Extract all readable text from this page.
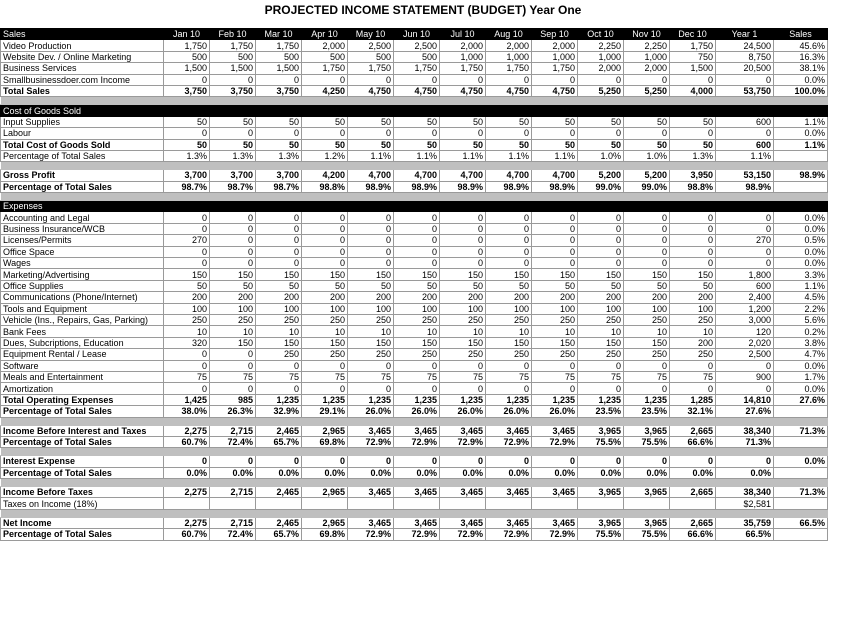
PROJECTED INCOME STATEMENT (BUDGET) Year One
Sales	Jan 10	Feb 10	Mar 10	Apr 10	May 10	Jun 10	Jul 10	Aug 10	Sep 10	Oct 10	Nov 10	Dec 10	Year 1	Sales
Video Production	1,750	1,750	1,750	2,000	2,500	2,500	2,000	2,000	2,000	2,250	2,250	1,750	24,500	45.6%
Website Dev. / Online Marketing	500	500	500	500	500	500	1,000	1,000	1,000	1,000	1,000	750	8,750	16.3%
Business Services	1,500	1,500	1,500	1,750	1,750	1,750	1,750	1,750	1,750	2,000	2,000	1,500	20,500	38.1%
Smallbusinessdoer.com Income	0	0	0	0	0	0	0	0	0	0	0	0	0	0.0%
Total Sales	3,750	3,750	3,750	4,250	4,750	4,750	4,750	4,750	4,750	5,250	5,250	4,000	53,750	100.0%

Cost of Goods Sold														
Input Supplies	50	50	50	50	50	50	50	50	50	50	50	50	600	1.1%
Labour	0	0	0	0	0	0	0	0	0	0	0	0	0	0.0%
Total Cost of Goods Sold	50	50	50	50	50	50	50	50	50	50	50	50	600	1.1%
Percentage of Total Sales	1.3%	1.3%	1.3%	1.2%	1.1%	1.1%	1.1%	1.1%	1.1%	1.0%	1.0%	1.3%	1.1%	

Gross Profit	3,700	3,700	3,700	4,200	4,700	4,700	4,700	4,700	4,700	5,200	5,200	3,950	53,150	98.9%
Percentage of Total Sales	98.7%	98.7%	98.7%	98.8%	98.9%	98.9%	98.9%	98.9%	98.9%	99.0%	99.0%	98.8%	98.9%	

Expenses														
Accounting and Legal	0	0	0	0	0	0	0	0	0	0	0	0	0	0.0%
Business Insurance/WCB	0	0	0	0	0	0	0	0	0	0	0	0	0	0.0%
Licenses/Permits	270	0	0	0	0	0	0	0	0	0	0	0	270	0.5%
Office Space	0	0	0	0	0	0	0	0	0	0	0	0	0	0.0%
Wages	0	0	0	0	0	0	0	0	0	0	0	0	0	0.0%
Marketing/Advertising	150	150	150	150	150	150	150	150	150	150	150	150	1,800	3.3%
Office Supplies	50	50	50	50	50	50	50	50	50	50	50	50	600	1.1%
Communications (Phone/Internet)	200	200	200	200	200	200	200	200	200	200	200	200	2,400	4.5%
Tools and Equipment	100	100	100	100	100	100	100	100	100	100	100	100	1,200	2.2%
Vehicle (Ins., Repairs, Gas, Parking)	250	250	250	250	250	250	250	250	250	250	250	250	3,000	5.6%
Bank Fees	10	10	10	10	10	10	10	10	10	10	10	10	120	0.2%
Dues, Subcriptions, Education	320	150	150	150	150	150	150	150	150	150	150	200	2,020	3.8%
Equipment Rental / Lease	0	0	250	250	250	250	250	250	250	250	250	250	2,500	4.7%
Software	0	0	0	0	0	0	0	0	0	0	0	0	0	0.0%
Meals and Entertainment	75	75	75	75	75	75	75	75	75	75	75	75	900	1.7%
Amortization	0	0	0	0	0	0	0	0	0	0	0	0	0	0.0%
Total Operating Expenses	1,425	985	1,235	1,235	1,235	1,235	1,235	1,235	1,235	1,235	1,235	1,285	14,810	27.6%
Percentage of Total Sales	38.0%	26.3%	32.9%	29.1%	26.0%	26.0%	26.0%	26.0%	26.0%	23.5%	23.5%	32.1%	27.6%	

Income Before Interest and Taxes	2,275	2,715	2,465	2,965	3,465	3,465	3,465	3,465	3,465	3,965	3,965	2,665	38,340	71.3%
Percentage of Total Sales	60.7%	72.4%	65.7%	69.8%	72.9%	72.9%	72.9%	72.9%	72.9%	75.5%	75.5%	66.6%	71.3%	

Interest Expense	0	0	0	0	0	0	0	0	0	0	0	0	0	0.0%
Percentage of Total Sales	0.0%	0.0%	0.0%	0.0%	0.0%	0.0%	0.0%	0.0%	0.0%	0.0%	0.0%	0.0%	0.0%	

Income Before Taxes	2,275	2,715	2,465	2,965	3,465	3,465	3,465	3,465	3,465	3,965	3,965	2,665	38,340	71.3%
Taxes on Income (18%)													$2,581	

Net Income	2,275	2,715	2,465	2,965	3,465	3,465	3,465	3,465	3,465	3,965	3,965	2,665	35,759	66.5%
Percentage of Total Sales	60.7%	72.4%	65.7%	69.8%	72.9%	72.9%	72.9%	72.9%	72.9%	75.5%	75.5%	66.6%	66.5%	
